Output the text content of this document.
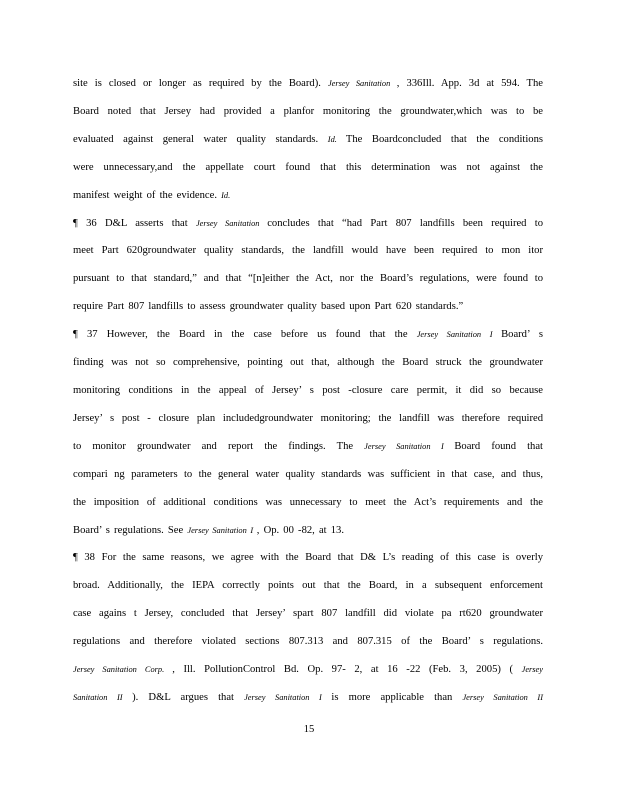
site is closed or longer as required by the Board). Jersey Sanitation , 336Ill. App. 3d at 594. The
Board noted that Jersey had provided a planfor monitoring the groundwater,which was to be
evaluated against general water quality standards. Id. The Boardconcluded that the conditions
were unnecessary,and the appellate court found that this determination was not against the
manifest weight of the evidence. Id.
¶ 36 D&L asserts that Jersey Sanitation concludes that “had Part 807 landfills been required to
meet Part 620groundwater quality standards, the landfill would have been required to mon itor
pursuant to that standard,” and that “[n]either the Act, nor the Board’s regulations, were found to
require Part 807 landfills to assess groundwater quality based upon Part 620 standards.”
¶ 37 However, the Board in the case before us found that the Jersey Sanitation I Board’ s
finding was not so comprehensive, pointing out that, although the Board struck the groundwater
monitoring conditions in the appeal of Jersey’ s post -closure care permit, it did so because
Jersey’ s post - closure plan includedgroundwater monitoring; the landfill was therefore required
to monitor groundwater and report the findings. The Jersey Sanitation I Board found that
compari ng parameters to the general water quality standards was sufficient in that case, and thus,
the imposition of additional conditions was unnecessary to meet the Act’s requirements and the
Board’ s regulations. See Jersey Sanitation I , Op. 00 -82, at 13.
¶ 38 For the same reasons, we agree with the Board that D& L’s reading of this case is overly
broad. Additionally, the IEPA correctly points out that the Board, in a subsequent enforcement
case agains t Jersey, concluded that Jersey’ spart 807 landfill did violate pa rt620 groundwater
regulations and therefore violated sections 807.313 and 807.315 of the Board’ s regulations.
Jersey Sanitation Corp. , Ill. PollutionControl Bd. Op. 97- 2, at 16 -22 (Feb. 3, 2005) ( Jersey
Sanitation II ). D&L argues that Jersey Sanitation I is more applicable than Jersey Sanitation II
15
